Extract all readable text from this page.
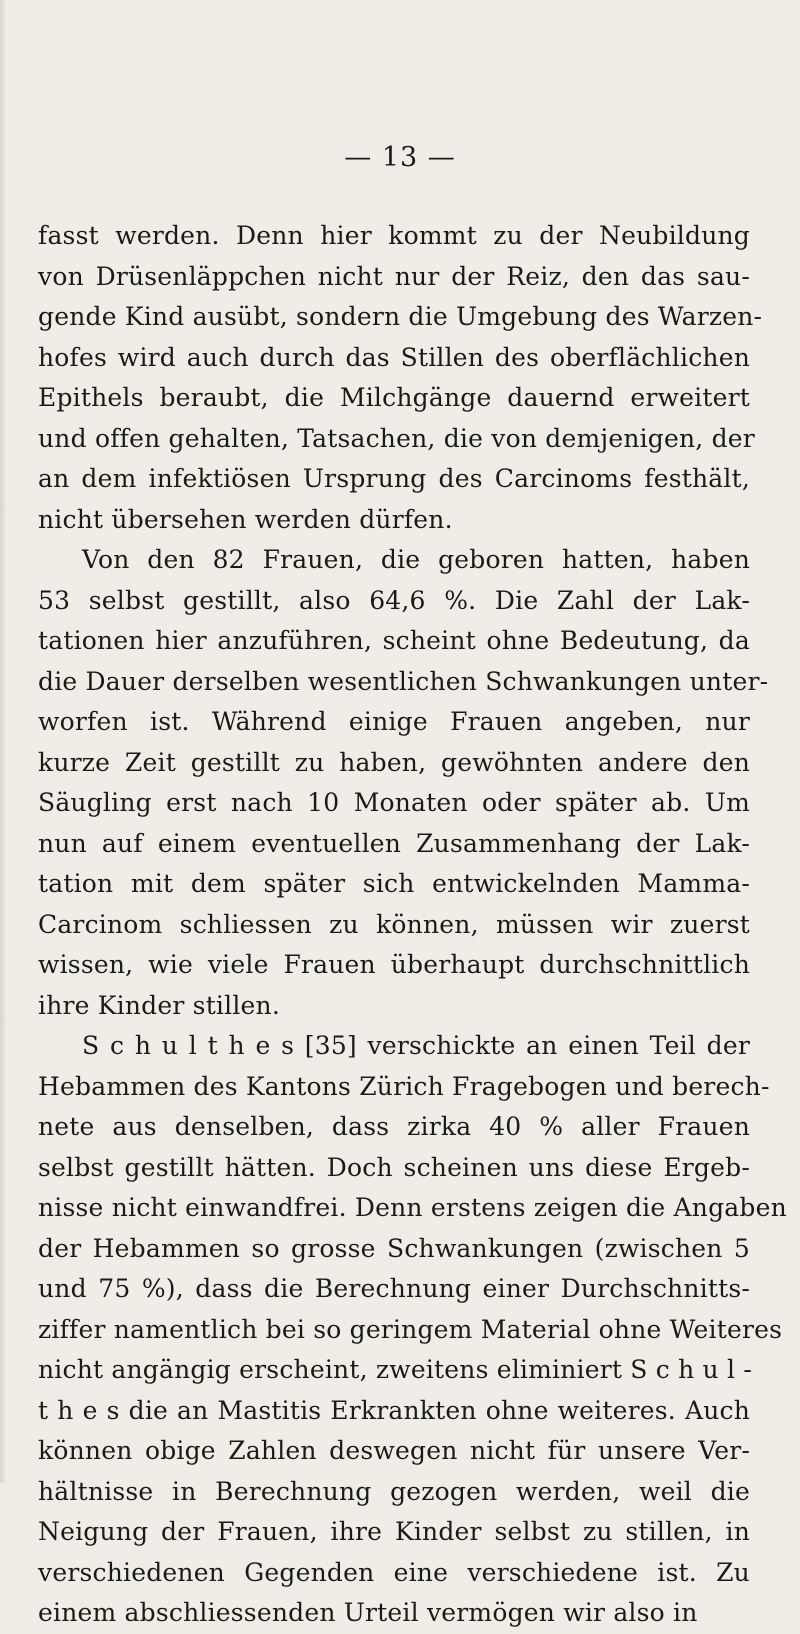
— 13 —
fasst werden. Denn hier kommt zu der Neubildung
von Drüsenläppchen nicht nur der Reiz, den das sau-
gende Kind ausübt, sondern die Umgebung des Warzen-
hofes wird auch durch das Stillen des oberflächlichen
Epithels beraubt, die Milchgänge dauernd erweitert
und offen gehalten, Tatsachen, die von demjenigen, der
an dem infektiösen Ursprung des Carcinoms festhält,
nicht übersehen werden dürfen.
Von den 82 Frauen, die geboren hatten, haben
53 selbst gestillt, also 64,6 %. Die Zahl der Lak-
tationen hier anzuführen, scheint ohne Bedeutung, da
die Dauer derselben wesentlichen Schwankungen unter-
worfen ist. Während einige Frauen angeben, nur
kurze Zeit gestillt zu haben, gewöhnten andere den
Säugling erst nach 10 Monaten oder später ab. Um
nun auf einem eventuellen Zusammenhang der Lak-
tation mit dem später sich entwickelnden Mamma-
Carcinom schliessen zu können, müssen wir zuerst
wissen, wie viele Frauen überhaupt durchschnittlich
ihre Kinder stillen.
S c h u l t h e s [35] verschickte an einen Teil der
Hebammen des Kantons Zürich Fragebogen und berech-
nete aus denselben, dass zirka 40 % aller Frauen
selbst gestillt hätten. Doch scheinen uns diese Ergeb-
nisse nicht einwandfrei. Denn erstens zeigen die Angaben
der Hebammen so grosse Schwankungen (zwischen 5
und 75 %), dass die Berechnung einer Durchschnitts-
ziffer namentlich bei so geringem Material ohne Weiteres
nicht angängig erscheint, zweitens eliminiert S c h u l -
t h e s die an Mastitis Erkrankten ohne weiteres. Auch
können obige Zahlen deswegen nicht für unsere Ver-
hältnisse in Berechnung gezogen werden, weil die
Neigung der Frauen, ihre Kinder selbst zu stillen, in
verschiedenen Gegenden eine verschiedene ist. Zu
einem abschliessenden Urteil vermögen wir also in
